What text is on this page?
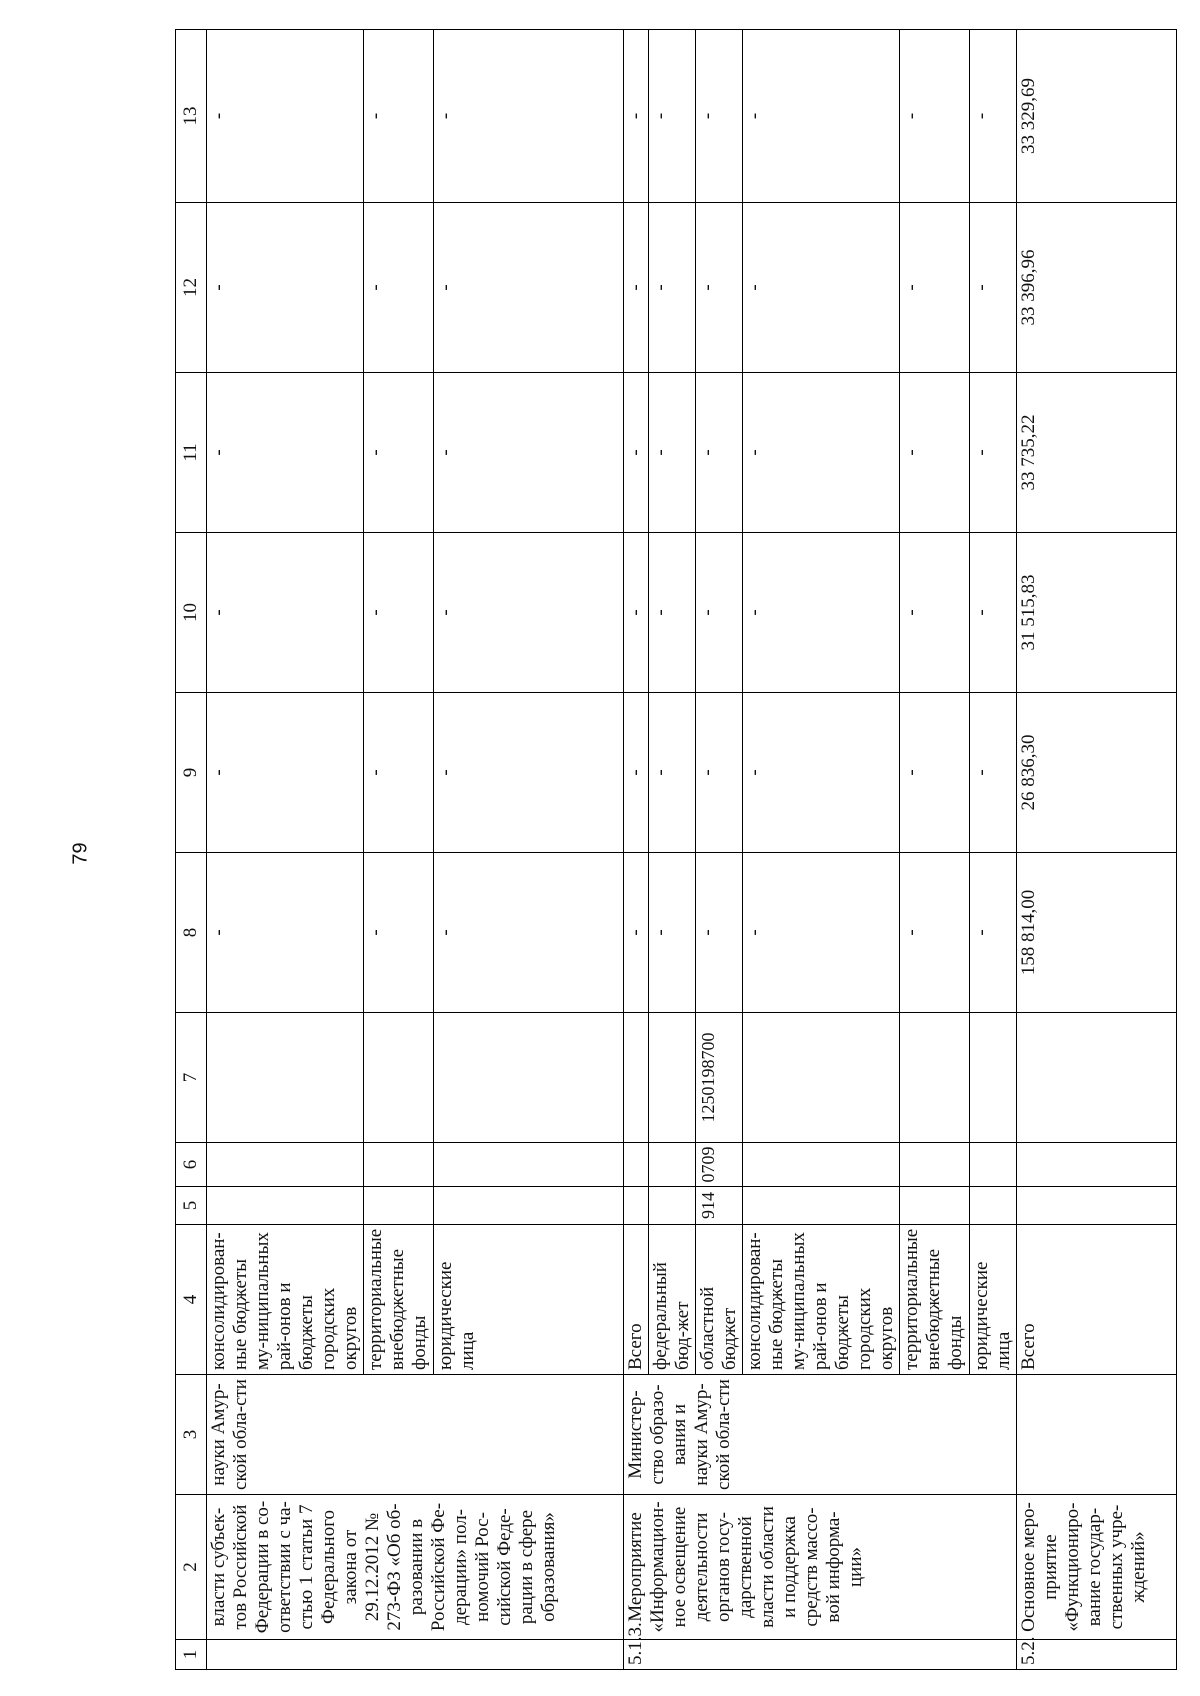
79
1	2	3	4	5	6	7	8	9	10	11	12	13
	власти субъек-тов Российской Федерации в со-ответствии с ча-стью 1 статьи 7 Федерального закона от 29.12.2012 № 273-ФЗ «Об об-разовании в Российской Фе-дерации» пол-номочий Рос-сийской Феде-рации в сфере образования»	науки Амур-ской обла-сти	консолидирован-ные бюджеты му-ниципальных рай-онов и бюджеты городских округов				-	-	-	-	-	-
			территориальные внебюджетные фонды				-	-	-	-	-	-
			юридические лица				-	-	-	-	-	-
5.1.3.	Мероприятие «Информацион-ное освещение деятельности органов госу-дарственной власти области и поддержка средств массо-вой информа-ции»	Министер-ство образо-вания и науки Амур-ской обла-сти	Всего				-	-	-	-	-	-
			федеральный бюд-жет				-	-	-	-	-	-
			областной бюджет	914	0709	1250198700	-	-	-	-	-	-
			консолидирован-ные бюджеты му-ниципальных рай-онов и бюджеты городских округов				-	-	-	-	-	-
			территориальные внебюджетные фонды				-	-	-	-	-	-
			юридические лица				-	-	-	-	-	-
5.2.	Основное меро-приятие «Функциониро-вание государ-ственных учре-ждений»		Всего				158 814,00	26 836,30	31 515,83	33 735,22	33 396,96	33 329,69
